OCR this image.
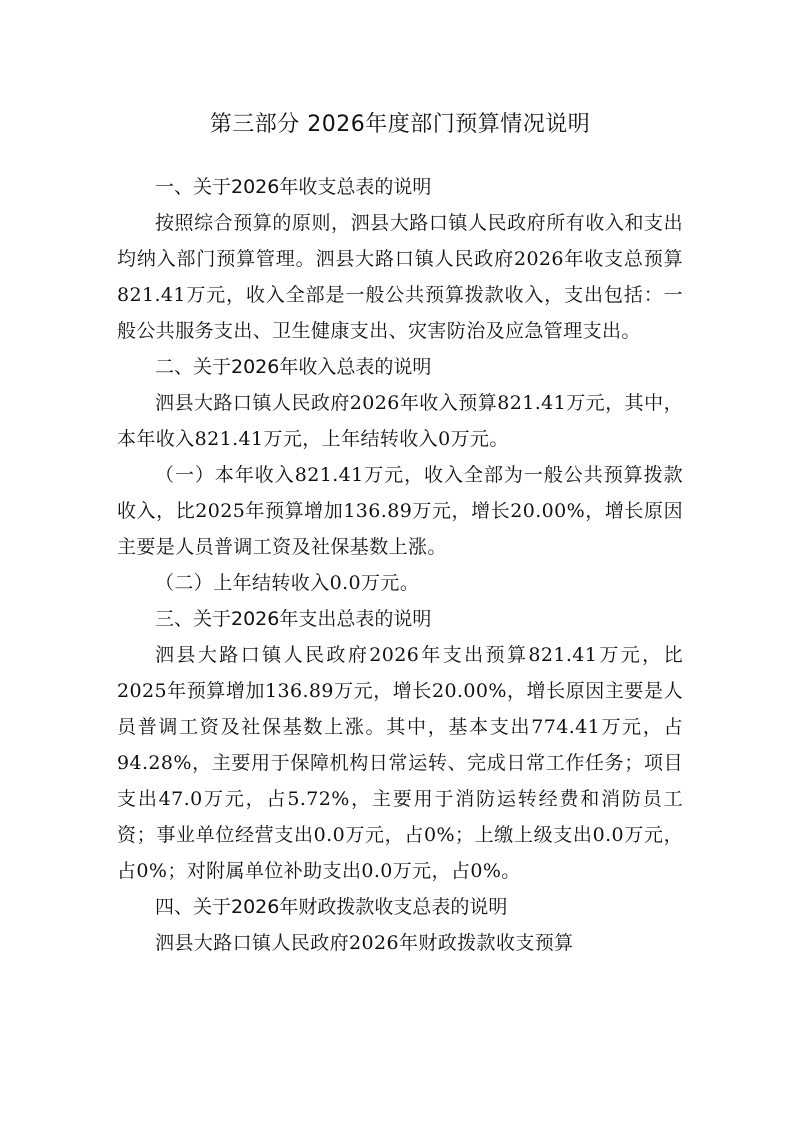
第三部分 2026年度部门预算情况说明
一、关于2026年收支总表的说明

按照综合预算的原则，泗县大路口镇人民政府所有收入和支出均纳入部门预算管理。泗县大路口镇人民政府2026年收支总预算821.41万元，收入全部是一般公共预算拨款收入，支出包括：一般公共服务支出、卫生健康支出、灾害防治及应急管理支出。

二、关于2026年收入总表的说明

泗县大路口镇人民政府2026年收入预算821.41万元，其中，本年收入821.41万元，上年结转收入0万元。

（一）本年收入821.41万元，收入全部为一般公共预算拨款收入，比2025年预算增加136.89万元，增长20.00%，增长原因主要是人员普调工资及社保基数上涨。

（二）上年结转收入0.0万元。

三、关于2026年支出总表的说明

泗县大路口镇人民政府2026年支出预算821.41万元，比2025年预算增加136.89万元，增长20.00%，增长原因主要是人员普调工资及社保基数上涨。其中，基本支出774.41万元，占94.28%，主要用于保障机构日常运转、完成日常工作任务；项目支出47.0万元，占5.72%，主要用于消防运转经费和消防员工资；事业单位经营支出0.0万元，占0%；上缴上级支出0.0万元，占0%；对附属单位补助支出0.0万元，占0%。

四、关于2026年财政拨款收支总表的说明

泗县大路口镇人民政府2026年财政拨款收支预算
